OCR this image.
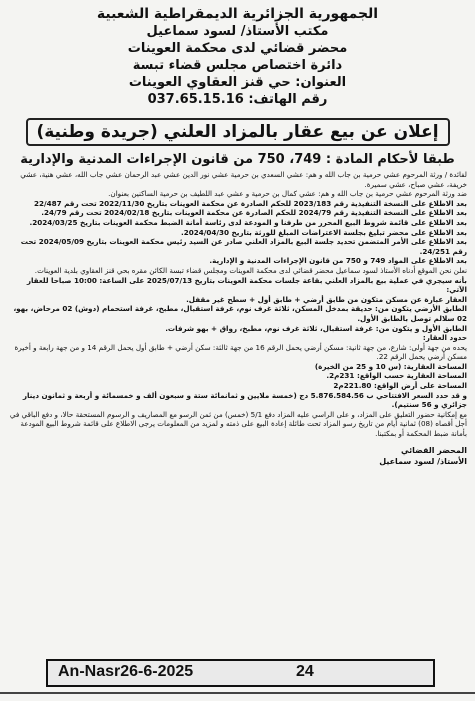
الجمهورية الجزائرية الديمقراطية الشعبية
مكتب الأستاذ/ لسود سماعيل
محضر قضائي لدى محكمة العوينات
دائرة اختصاص مجلس قضاء تبسة
العنوان: حي قنز العقاوي العوينات
رقم الهاتف: 037.65.15.16
إعلان عن بيع عقار بالمزاد العلني (جريدة وطنية)
طبقا لأحكام المادة : 749، 750 من قانون الإجراءات المدنية والإدارية

لفائدة / ورثة المرحوم عشي حرمية بن جاب الله و هم: عشي السعدي بن حرمية عشي نور الدين عشي عبد الرحمان عشي جاب الله، عشي هنية، عشي خريفة، عشي صباح، عشي سميرة.

ضد ورثة المرحوم عشي حرمية بن جاب الله و هم: عشي كمال بن حرمية و عشي عبد اللطيف بن حرمية الساكنين بعنوان.

بعد الاطلاع على النسخة التنفيذية رقم 2023/183 للحكم الصادرة عن محكمة العوينات بتاريخ 2022/11/30 تحت رقم 22/487

بعد الاطلاع على النسخة التنفيذية رقم 2024/79 للحكم الصادرة عن محكمة العوينات بتاريخ 2024/02/18 تحت رقم 24/79.

بعد الاطلاع على قائمة شروط البيع المحرر من طرفنا و المودعة لدى رئاسة أمانة الضبط محكمة العوينات بتاريخ 2024/03/25.

بعد الاطلاع على محضر تبليغ بجلسة الاعتراضات المبلغ للورثة بتاريخ 2024/04/30.

بعد الاطلاع على الأمر المتضمن تحديد جلسة البيع بالمزاد العلني صادر عن السيد رئيس محكمة العوينات بتاريخ 2024/05/09 تحت رقم 24/251.

بعد الاطلاع على المواد 749 و 750 من قانون الإجراءات المدنية و الإدارية.

نعلن نحن الموقع أدناه الأستاذ لسود سماعيل محضر قضائي لدى محكمة العوينات ومجلس قضاء تبسة الكائن مقره بحي قنز العقاوي بلدية العوينات.

بأنه سيجري في عملية بيع بالمزاد العلني بقاعة جلسات محكمة العوينات بتاريخ 2025/07/13 على الساعة: 10:00 صباحا للعقار الآتي:

العقار عبارة عن مسكن متكون من طابق أرضي + طابق أول + سطح غير مقفل.

الطابق الأرضي يتكون من: حديقة بمدخل المسكن، ثلاثة غرف نوم، غرفة استقبال، مطبخ، غرفة استحمام (دوش) 02 مرحاض، بهو، 02 سلالم توصل بالطابق الأول.

الطابق الأول و يتكون من: غرفة استقبال، ثلاثة غرف نوم، مطبخ، رواق + بهو شرفات.

حدود العقار:

يحده من جهة أولى: شارع، من جهة ثانية: مسكن أرضي يحمل الرقم 16 من جهة ثالثة: سكن أرضي + طابق أول يحمل الرقم 14 و من جهة رابعة و أخيرة مسكن أرضي يحمل الرقم 22.

المساحة العقارية: (س 10 و 25 من الخيرة)

المساحة العقارية حسب الواقع: 231م2.

المساحة على أرض الواقع: 221.80م2

و قد حدد السعر الافتتاحي ب 5.876.584.56 دج (خمسة ملايين و ثمانمائة ستة و سبعون ألف و خمسمائة و أربعة و ثمانون دينار جزائري و 56 سنتيم).

مع إمكانية حضور التعليق على المزاد، و على الراسي عليه المزاد دفع 5/1 (خمس) من ثمن الرسو مع المصاريف و الرسوم المستحقة حالا، و دفع الباقي في أجل أقصاه (08) ثمانية أيام من تاريخ رسو المزاد تحت طائلة إعادة البيع على ذمته و لمزيد من المعلومات يرجى الاطلاع على قائمة شروط البيع المودعة بأمانة ضبط المحكمة أو بمكتبنا.

المحضر القضائي
الأستاذ/ لسود سماعيل
An-Nasr26-6-2025	24
